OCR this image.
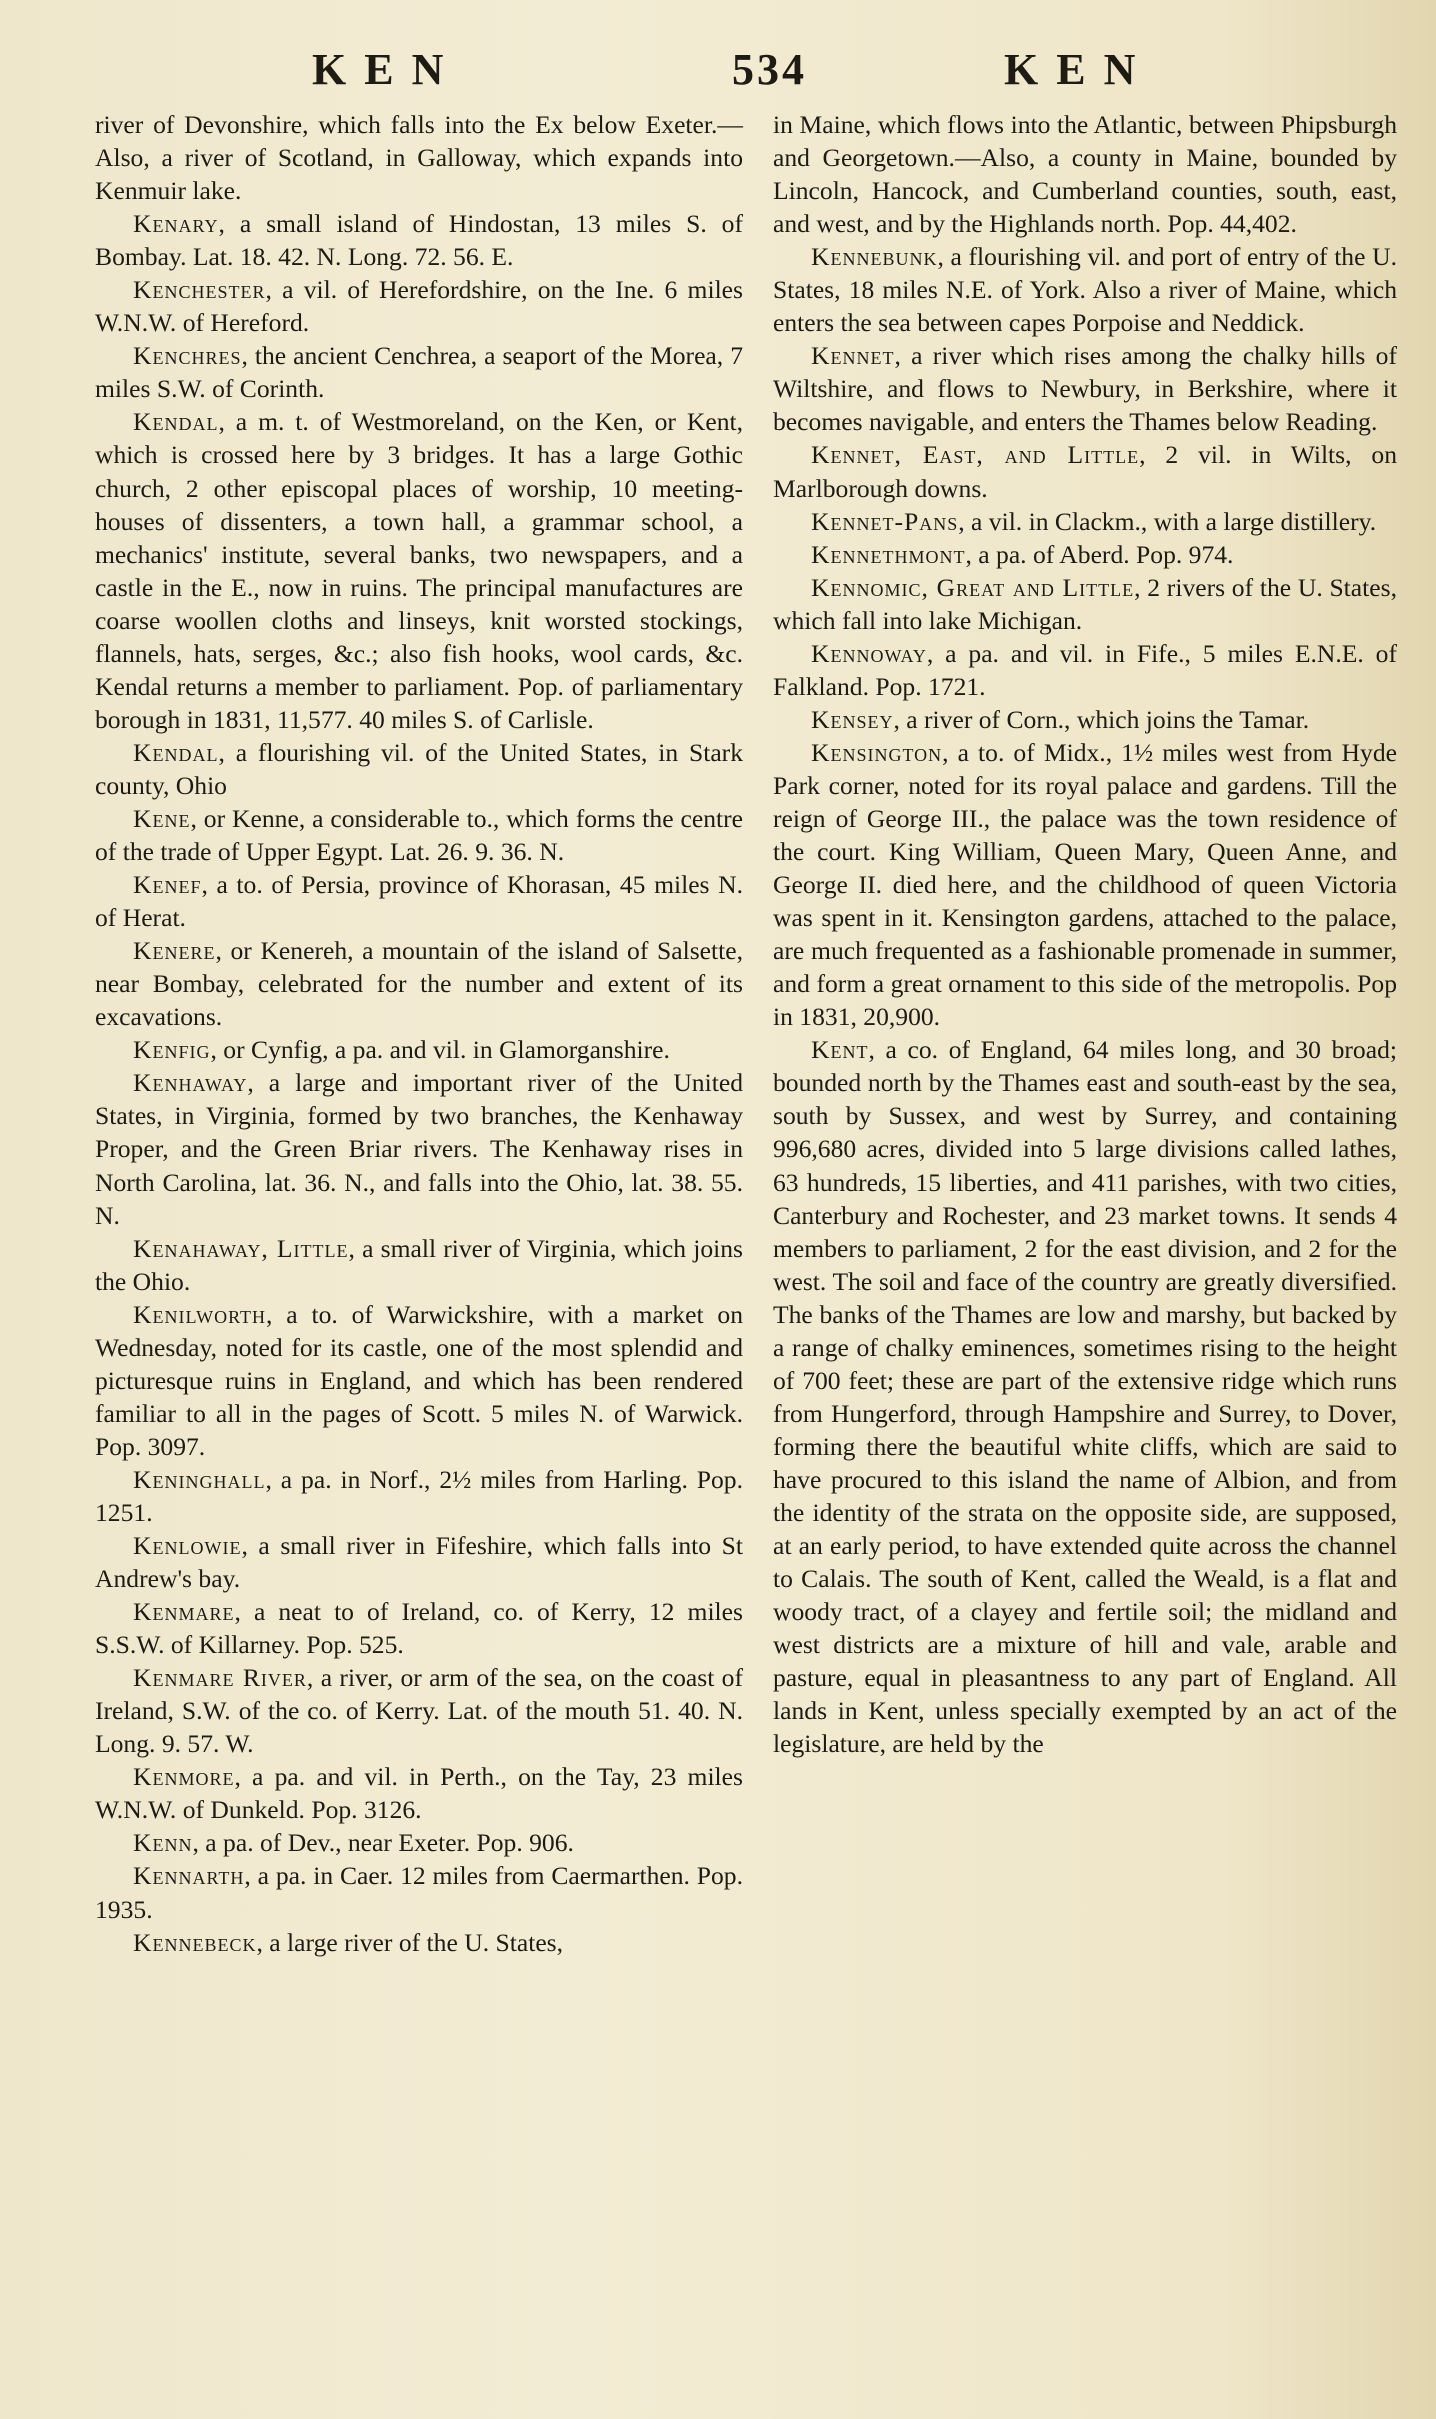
KEN	534	KEN

river of Devonshire, which falls into the Ex below Exeter.—Also, a river of Scotland, in Galloway, which expands into Kenmuir lake.

Kenary, a small island of Hindostan, 13 miles S. of Bombay. Lat. 18. 42. N. Long. 72. 56. E.

Kenchester, a vil. of Herefordshire, on the Ine. 6 miles W.N.W. of Hereford.

Kenchres, the ancient Cenchrea, a seaport of the Morea, 7 miles S.W. of Corinth.

Kendal, a m. t. of Westmoreland, on the Ken, or Kent, which is crossed here by 3 bridges. It has a large Gothic church, 2 other episcopal places of worship, 10 meeting-houses of dissenters, a town hall, a grammar school, a mechanics' institute, several banks, two newspapers, and a castle in the E., now in ruins. The principal manufactures are coarse woollen cloths and linseys, knit worsted stockings, flannels, hats, serges, &c.; also fish hooks, wool cards, &c. Kendal returns a member to parliament. Pop. of parliamentary borough in 1831, 11,577. 40 miles S. of Carlisle.

Kendal, a flourishing vil. of the United States, in Stark county, Ohio

Kene, or Kenne, a considerable to., which forms the centre of the trade of Upper Egypt. Lat. 26. 9. 36. N.

Kenef, a to. of Persia, province of Khorasan, 45 miles N. of Herat.

Kenere, or Kenereh, a mountain of the island of Salsette, near Bombay, celebrated for the number and extent of its excavations.

Kenfig, or Cynfig, a pa. and vil. in Glamorganshire.

Kenhaway, a large and important river of the United States, in Virginia, formed by two branches, the Kenhaway Proper, and the Green Briar rivers. The Kenhaway rises in North Carolina, lat. 36. N., and falls into the Ohio, lat. 38. 55. N.

Kenahaway, Little, a small river of Virginia, which joins the Ohio.

Kenilworth, a to. of Warwickshire, with a market on Wednesday, noted for its castle, one of the most splendid and picturesque ruins in England, and which has been rendered familiar to all in the pages of Scott. 5 miles N. of Warwick. Pop. 3097.

Keninghall, a pa. in Norf., 2½ miles from Harling. Pop. 1251.

Kenlowie, a small river in Fifeshire, which falls into St Andrew's bay.

Kenmare, a neat to of Ireland, co. of Kerry, 12 miles S.S.W. of Killarney. Pop. 525.

Kenmare River, a river, or arm of the sea, on the coast of Ireland, S.W. of the co. of Kerry. Lat. of the mouth 51. 40. N. Long. 9. 57. W.

Kenmore, a pa. and vil. in Perth., on the Tay, 23 miles W.N.W. of Dunkeld. Pop. 3126.

Kenn, a pa. of Dev., near Exeter. Pop. 906.

Kennarth, a pa. in Caer. 12 miles from Caermarthen. Pop. 1935.

Kennebeck, a large river of the U. States,

in Maine, which flows into the Atlantic, between Phipsburgh and Georgetown.—Also, a county in Maine, bounded by Lincoln, Hancock, and Cumberland counties, south, east, and west, and by the Highlands north. Pop. 44,402.

Kennebunk, a flourishing vil. and port of entry of the U. States, 18 miles N.E. of York. Also a river of Maine, which enters the sea between capes Porpoise and Neddick.

Kennet, a river which rises among the chalky hills of Wiltshire, and flows to Newbury, in Berkshire, where it becomes navigable, and enters the Thames below Reading.

Kennet, East, and Little, 2 vil. in Wilts, on Marlborough downs.

Kennet-Pans, a vil. in Clackm., with a large distillery.

Kennethmont, a pa. of Aberd. Pop. 974.

Kennomic, Great and Little, 2 rivers of the U. States, which fall into lake Michigan.

Kennoway, a pa. and vil. in Fife., 5 miles E.N.E. of Falkland. Pop. 1721.

Kensey, a river of Corn., which joins the Tamar.

Kensington, a to. of Midx., 1½ miles west from Hyde Park corner, noted for its royal palace and gardens. Till the reign of George III., the palace was the town residence of the court. King William, Queen Mary, Queen Anne, and George II. died here, and the childhood of queen Victoria was spent in it. Kensington gardens, attached to the palace, are much frequented as a fashionable promenade in summer, and form a great ornament to this side of the metropolis. Pop in 1831, 20,900.

Kent, a co. of England, 64 miles long, and 30 broad; bounded north by the Thames east and south-east by the sea, south by Sussex, and west by Surrey, and containing 996,680 acres, divided into 5 large divisions called lathes, 63 hundreds, 15 liberties, and 411 parishes, with two cities, Canterbury and Rochester, and 23 market towns. It sends 4 members to parliament, 2 for the east division, and 2 for the west. The soil and face of the country are greatly diversified. The banks of the Thames are low and marshy, but backed by a range of chalky eminences, sometimes rising to the height of 700 feet; these are part of the extensive ridge which runs from Hungerford, through Hampshire and Surrey, to Dover, forming there the beautiful white cliffs, which are said to have procured to this island the name of Albion, and from the identity of the strata on the opposite side, are supposed, at an early period, to have extended quite across the channel to Calais. The south of Kent, called the Weald, is a flat and woody tract, of a clayey and fertile soil; the midland and west districts are a mixture of hill and vale, arable and pasture, equal in pleasantness to any part of England. All lands in Kent, unless specially exempted by an act of the legislature, are held by the
